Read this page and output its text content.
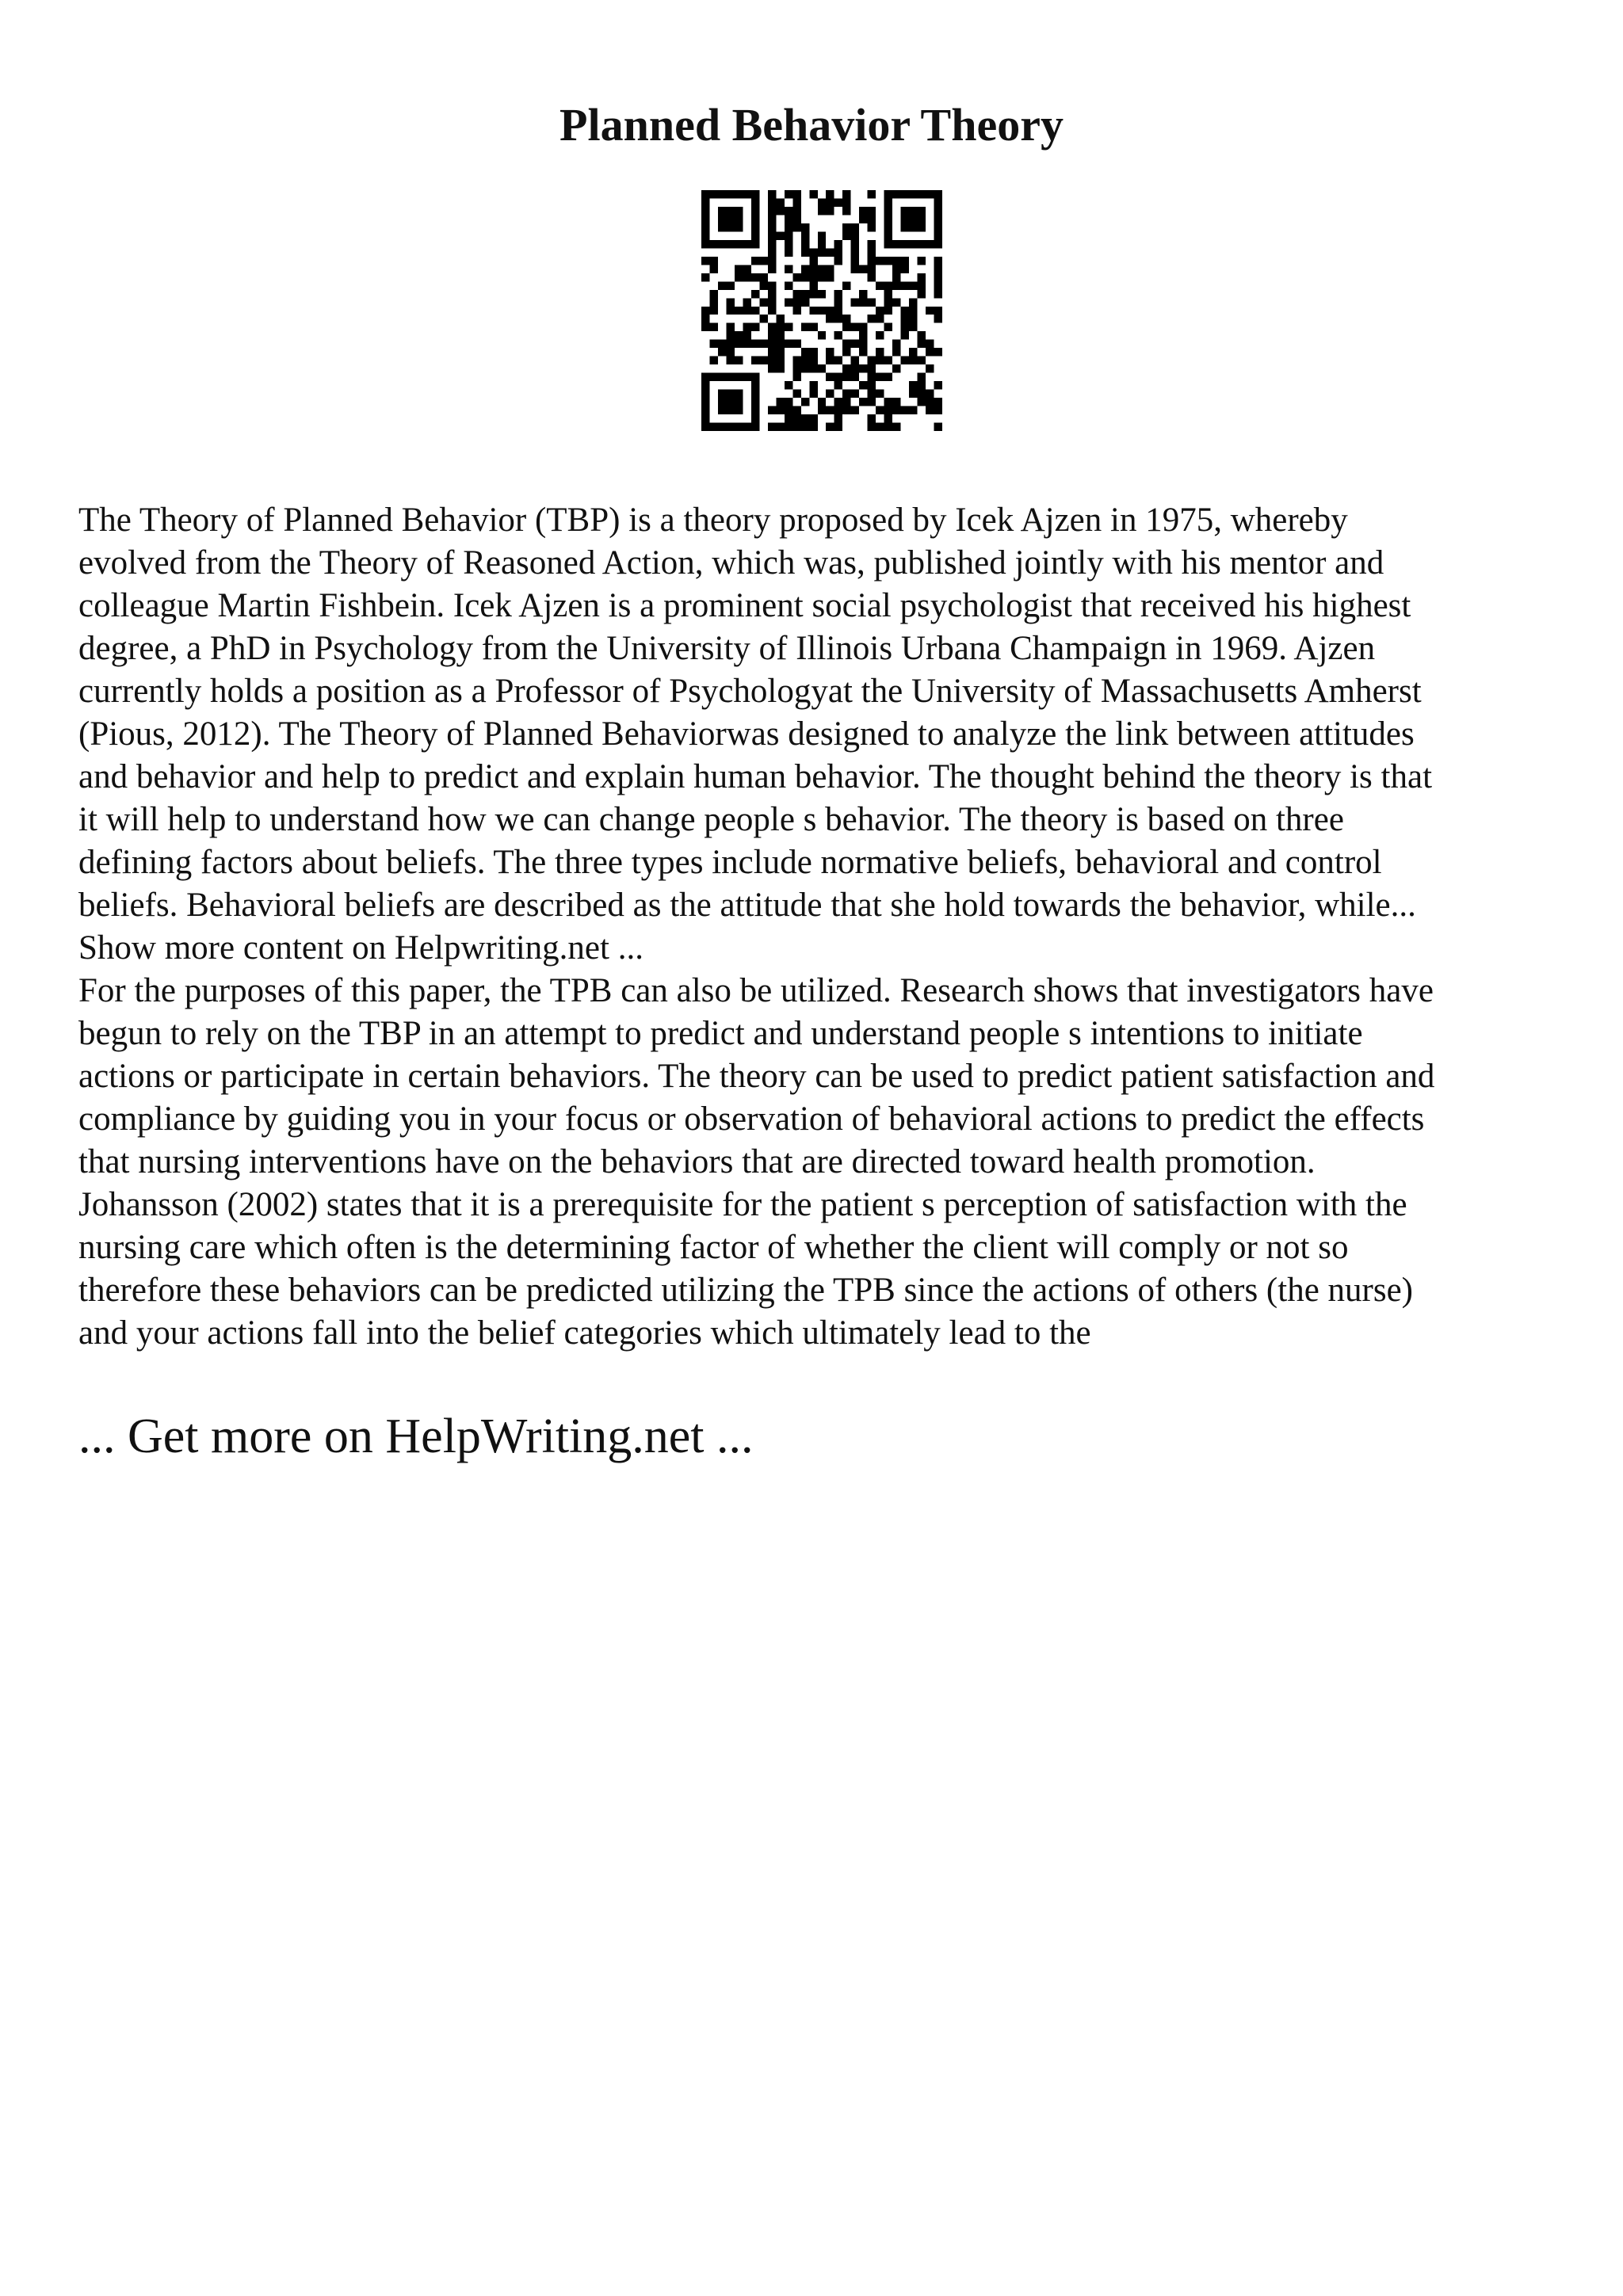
Planned Behavior Theory

The Theory of Planned Behavior (TBP) is a theory proposed by Icek Ajzen in 1975, whereby
evolved from the Theory of Reasoned Action, which was, published jointly with his mentor and
colleague Martin Fishbein. Icek Ajzen is a prominent social psychologist that received his highest
degree, a PhD in Psychology from the University of Illinois Urbana Champaign in 1969. Ajzen
currently holds a position as a Professor of Psychologyat the University of Massachusetts Amherst
(Pious, 2012). The Theory of Planned Behaviorwas designed to analyze the link between attitudes
and behavior and help to predict and explain human behavior. The thought behind the theory is that
it will help to understand how we can change people s behavior. The theory is based on three
defining factors about beliefs. The three types include normative beliefs, behavioral and control
beliefs. Behavioral beliefs are described as the attitude that she hold towards the behavior, while...

Show more content on Helpwriting.net ...

For the purposes of this paper, the TPB can also be utilized. Research shows that investigators have
begun to rely on the TBP in an attempt to predict and understand people s intentions to initiate
actions or participate in certain behaviors. The theory can be used to predict patient satisfaction and
compliance by guiding you in your focus or observation of behavioral actions to predict the effects
that nursing interventions have on the behaviors that are directed toward health promotion.
Johansson (2002) states that it is a prerequisite for the patient s perception of satisfaction with the
nursing care which often is the determining factor of whether the client will comply or not so
therefore these behaviors can be predicted utilizing the TPB since the actions of others (the nurse)
and your actions fall into the belief categories which ultimately lead to the

... Get more on HelpWriting.net ...
